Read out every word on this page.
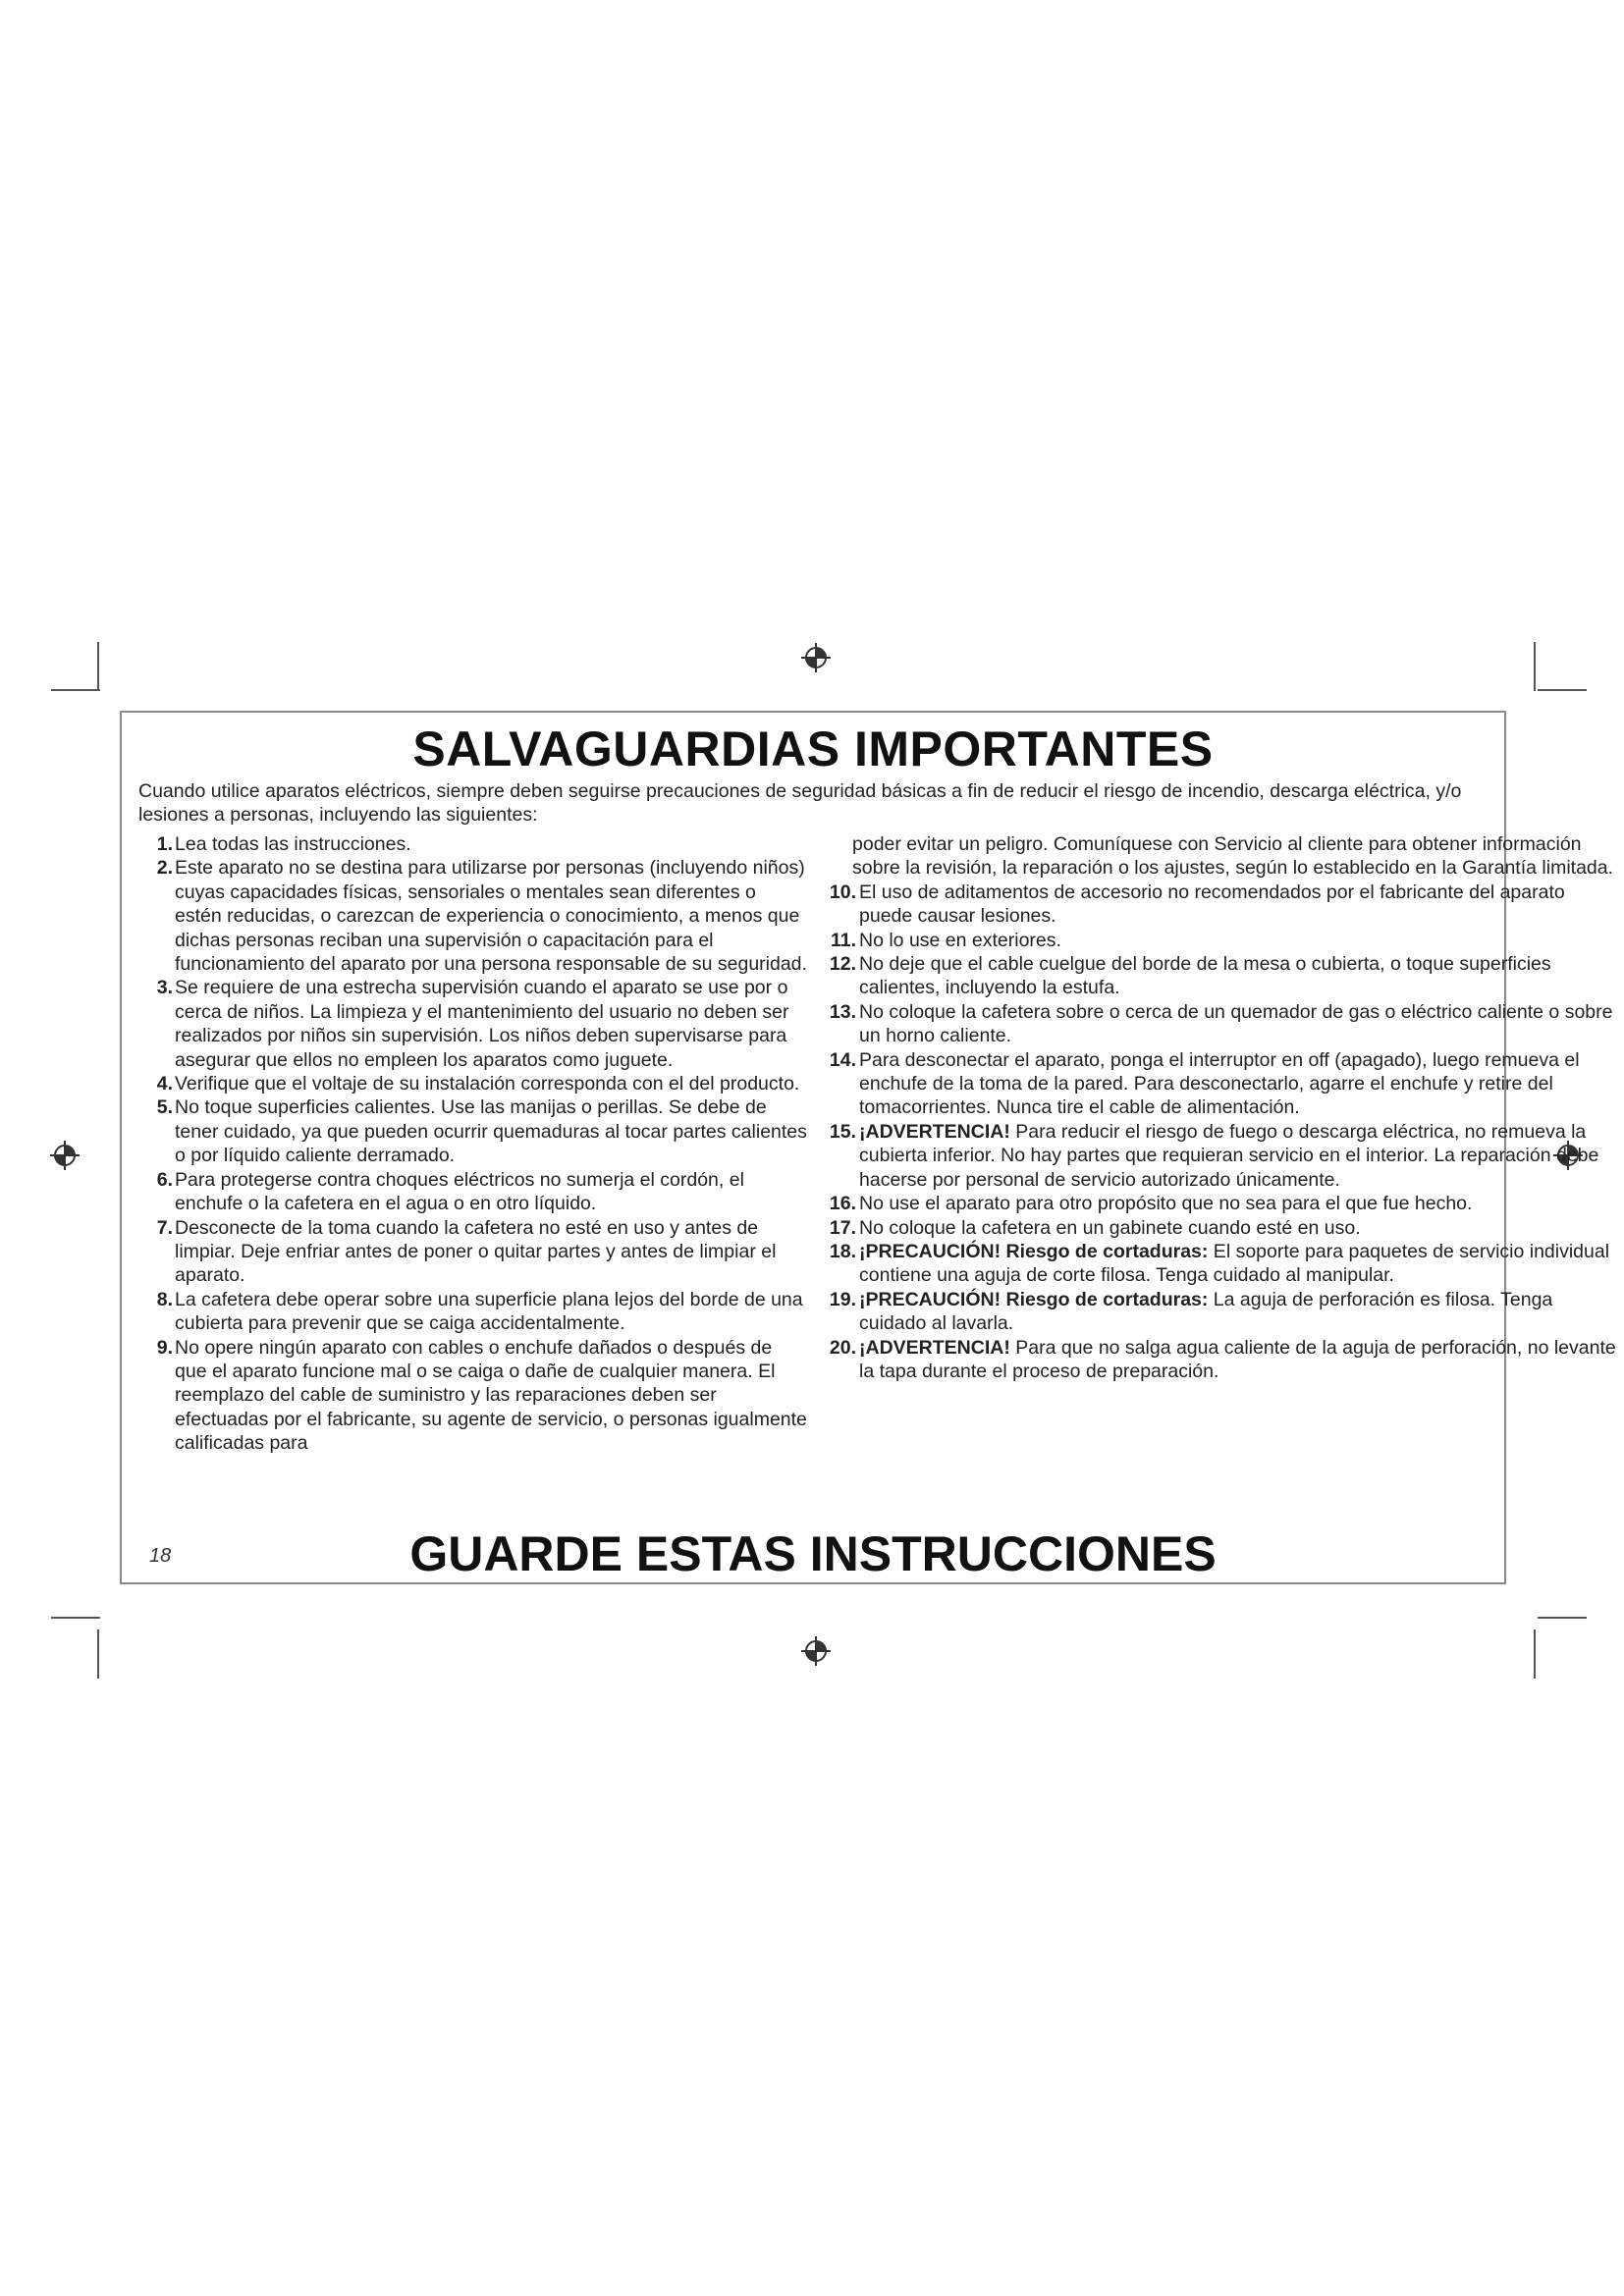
SALVAGUARDIAS IMPORTANTES
Cuando utilice aparatos eléctricos, siempre deben seguirse precauciones de seguridad básicas a fin de reducir el riesgo de incendio, descarga eléctrica, y/o lesiones a personas, incluyendo las siguientes:
1. Lea todas las instrucciones.
2. Este aparato no se destina para utilizarse por personas (incluyendo niños) cuyas capacidades físicas, sensoriales o mentales sean diferentes o estén reducidas, o carezcan de experiencia o conocimiento, a menos que dichas personas reciban una supervisión o capacitación para el funcionamiento del aparato por una persona responsable de su seguridad.
3. Se requiere de una estrecha supervisión cuando el aparato se use por o cerca de niños. La limpieza y el mantenimiento del usuario no deben ser realizados por niños sin supervisión. Los niños deben supervisarse para asegurar que ellos no empleen los aparatos como juguete.
4. Verifique que el voltaje de su instalación corresponda con el del producto.
5. No toque superficies calientes. Use las manijas o perillas. Se debe de tener cuidado, ya que pueden ocurrir quemaduras al tocar partes calientes o por líquido caliente derramado.
6. Para protegerse contra choques eléctricos no sumerja el cordón, el enchufe o la cafetera en el agua o en otro líquido.
7. Desconecte de la toma cuando la cafetera no esté en uso y antes de limpiar. Deje enfriar antes de poner o quitar partes y antes de limpiar el aparato.
8. La cafetera debe operar sobre una superficie plana lejos del borde de una cubierta para prevenir que se caiga accidentalmente.
9. No opere ningún aparato con cables o enchufe dañados o después de que el aparato funcione mal o se caiga o dañe de cualquier manera. El reemplazo del cable de suministro y las reparaciones deben ser efectuadas por el fabricante, su agente de servicio, o personas igualmente calificadas para
poder evitar un peligro. Comuníquese con Servicio al cliente para obtener información sobre la revisión, la reparación o los ajustes, según lo establecido en la Garantía limitada.
10. El uso de aditamentos de accesorio no recomendados por el fabricante del aparato puede causar lesiones.
11. No lo use en exteriores.
12. No deje que el cable cuelgue del borde de la mesa o cubierta, o toque superficies calientes, incluyendo la estufa.
13. No coloque la cafetera sobre o cerca de un quemador de gas o eléctrico caliente o sobre un horno caliente.
14. Para desconectar el aparato, ponga el interruptor en off (apagado), luego remueva el enchufe de la toma de la pared. Para desconectarlo, agarre el enchufe y retire del tomacorrientes. Nunca tire el cable de alimentación.
15. ¡ADVERTENCIA! Para reducir el riesgo de fuego o descarga eléctrica, no remueva la cubierta inferior. No hay partes que requieran servicio en el interior. La reparación debe hacerse por personal de servicio autorizado únicamente.
16. No use el aparato para otro propósito que no sea para el que fue hecho.
17. No coloque la cafetera en un gabinete cuando esté en uso.
18. ¡PRECAUCIÓN! Riesgo de cortaduras: El soporte para paquetes de servicio individual contiene una aguja de corte filosa. Tenga cuidado al manipular.
19. ¡PRECAUCIÓN! Riesgo de cortaduras: La aguja de perforación es filosa. Tenga cuidado al lavarla.
20. ¡ADVERTENCIA! Para que no salga agua caliente de la aguja de perforación, no levante la tapa durante el proceso de preparación.
GUARDE ESTAS INSTRUCCIONES
18
